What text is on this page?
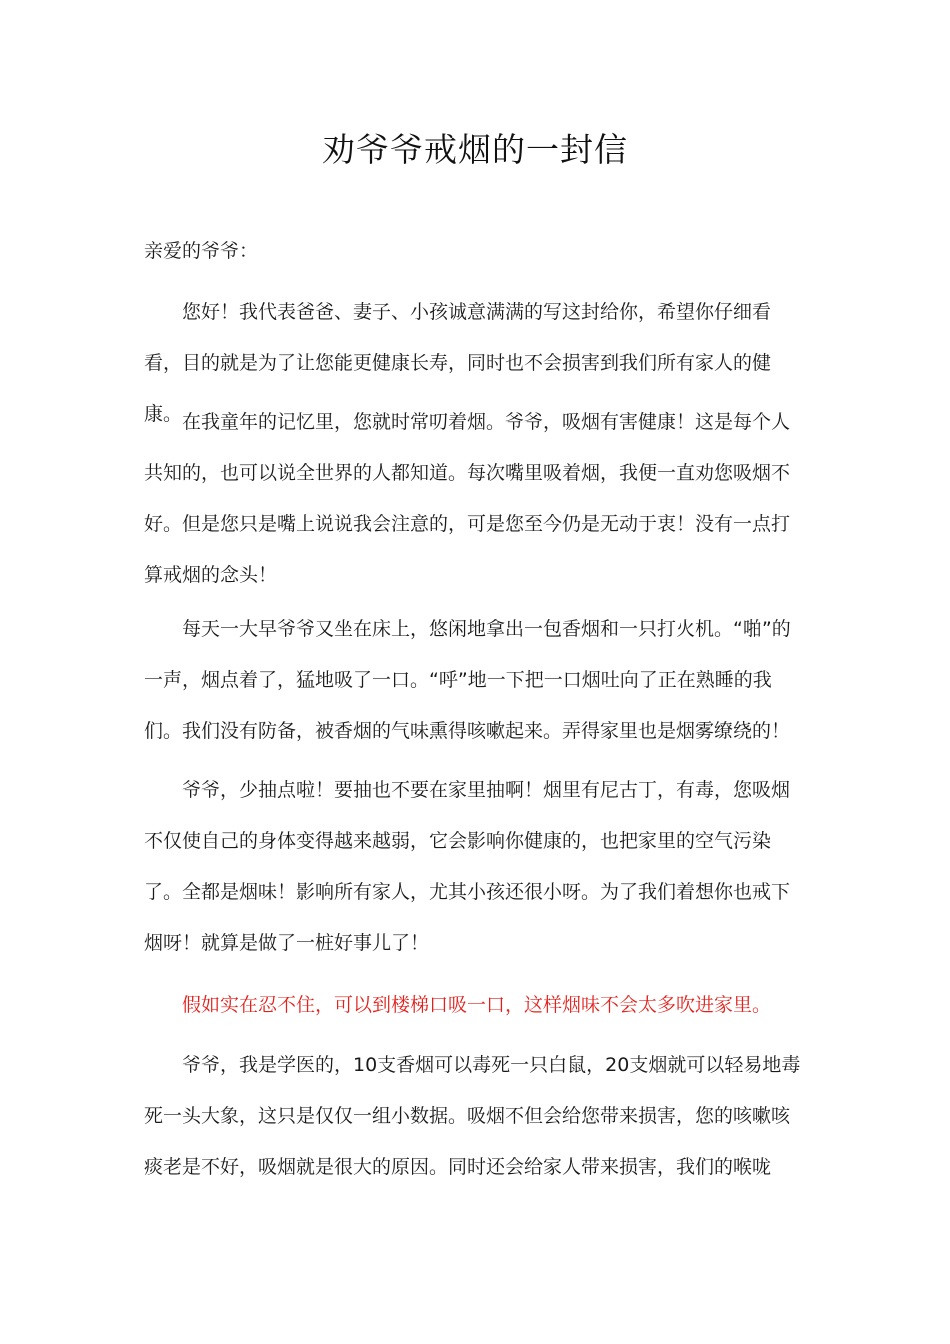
劝爷爷戒烟的一封信

亲爱的爷爷：

您好！我代表爸爸、妻子、小孩诚意满满的写这封给你，希望你仔细看看，目的就是为了让您能更健康长寿，同时也不会损害到我们所有家人的健康。 在我童年的记忆里，您就时常叨着烟。爷爷，吸烟有害健康！这是每个人共知的，也可以说全世界的人都知道。每次嘴里吸着烟，我便一直劝您吸烟不好。但是您只是嘴上说说我会注意的，可是您至今仍是无动于衷！没有一点打算戒烟的念头！

每天一大早爷爷又坐在床上，悠闲地拿出一包香烟和一只打火机。“啪”的一声，烟点着了，猛地吸了一口。“呼”地一下把一口烟吐向了正在熟睡的我们。我们没有防备，被香烟的气味熏得咳嗽起来。弄得家里也是烟雾缭绕的！

爷爷，少抽点啦！要抽也不要在家里抽啊！烟里有尼古丁，有毒，您吸烟不仅使自己的身体变得越来越弱，它会影响你健康的，也把家里的空气污染了。全都是烟味！影响所有家人，尤其小孩还很小呀。为了我们着想你也戒下烟呀！就算是做了一桩好事儿了！

假如实在忍不住，可以到楼梯口吸一口，这样烟味不会太多吹进家里。

爷爷，我是学医的，10支香烟可以毒死一只白鼠，20支烟就可以轻易地毒死一头大象，这只是仅仅一组小数据。吸烟不但会给您带来损害，您的咳嗽咳痰老是不好，吸烟就是很大的原因。同时还会给家人带来损害，我们的喉咙
